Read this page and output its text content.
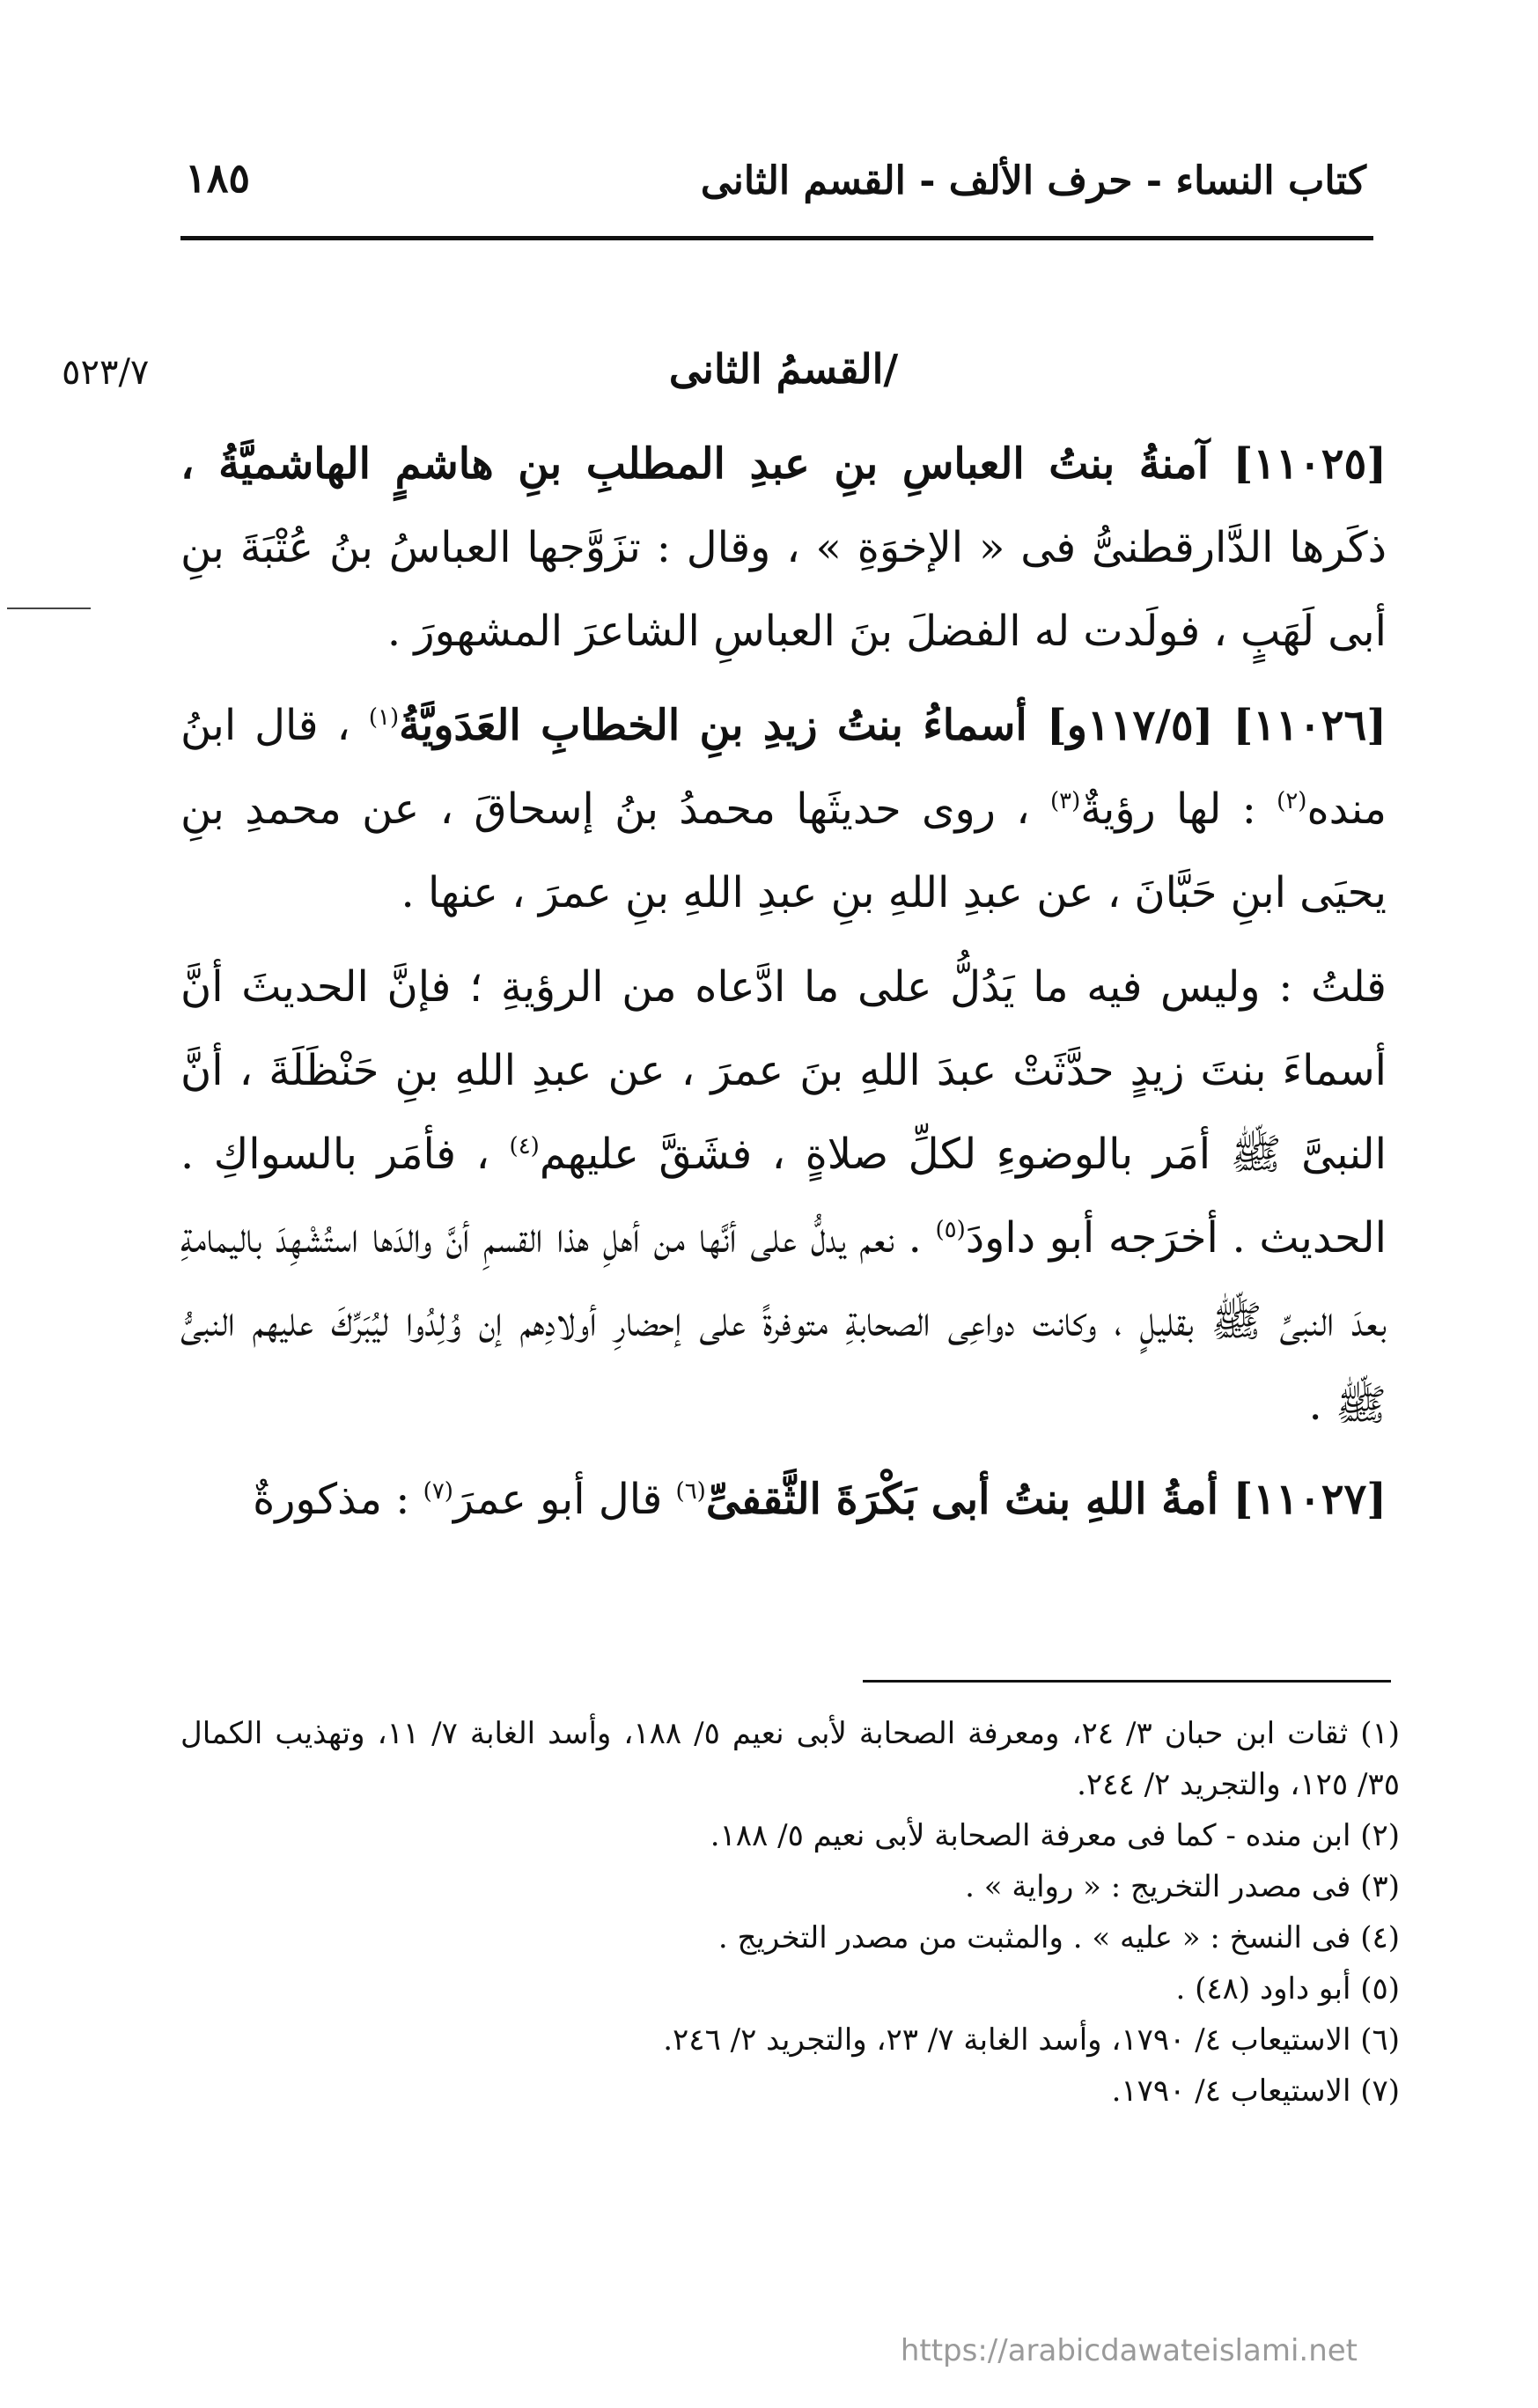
كتاب النساء - حرف الألف - القسم الثانى
١٨٥
٥٢٣/٧	/القسمُ الثانى

[١١٠٢٥] آمنةُ بنتُ العباسِ بنِ عبدِ المطلبِ بنِ هاشمٍ الهاشميَّةُ ، ذكَرها الدَّارقطنىُّ فى « الإخوَةِ » ، وقال : تزَوَّجها العباسُ بنُ عُتْبَةَ بنِ أبى لَهَبٍ ، فولَدت له الفضلَ بنَ العباسِ الشاعرَ المشهورَ .

[١١٠٢٦] [١١٧/٥و] أسماءُ بنتُ زيدِ بنِ الخطابِ العَدَويَّةُ$^{(١)}$ ، قال ابنُ منده$^{(٢)}$ : لها رؤيةٌ$^{(٣)}$ ، روى حديثَها محمدُ بنُ إسحاقَ ، عن محمدِ بنِ يحيَى ابنِ حَبَّانَ ، عن عبدِ اللهِ بنِ عبدِ اللهِ بنِ عمرَ ، عنها .

قلتُ : وليس فيه ما يَدُلُّ على ما ادَّعاه من الرؤيةِ ؛ فإنَّ الحديثَ أنَّ أسماءَ بنتَ زيدٍ حدَّثَتْ عبدَ اللهِ بنَ عمرَ ، عن عبدِ اللهِ بنِ حَنْظَلَةَ ، أنَّ النبىَّ ﷺ أمَر بالوضوءِ لكلِّ صلاةٍ ، فشَقَّ عليهم$^{(٤)}$ ، فأمَر بالسواكِ . الحديث . أخرَجه أبو داودَ$^{(٥)}$ . نعم يدلُّ على أنَّها من أهلِ هذا القسمِ أنَّ والدَها استُشْهِدَ باليمامةِ بعدَ النبىِّ ﷺ بقليلٍ ، وكانت دواعِى الصحابةِ متوفرةً على إحضارِ أولادِهم إن وُلِدُوا ليُبَرِّكَ عليهم النبىُّ ﷺ .

[١١٠٢٧] أمةُ اللهِ بنتُ أبى بَكْرَةَ الثَّقفىِّ$^{(٦)}$ قال أبو عمرَ$^{(٧)}$ : مذكورةٌ

(١) ثقات ابن حبان ٣/ ٢٤، ومعرفة الصحابة لأبى نعيم ٥/ ١٨٨، وأسد الغابة ٧/ ١١، وتهذيب الكمال ٣٥/ ١٢٥، والتجريد ٢/ ٢٤٤.

(٢) ابن منده - كما فى معرفة الصحابة لأبى نعيم ٥/ ١٨٨.

(٣) فى مصدر التخريج : « رواية » .

(٤) فى النسخ : « عليه » . والمثبت من مصدر التخريج .

(٥) أبو داود (٤٨) .

(٦) الاستيعاب ٤/ ١٧٩٠، وأسد الغابة ٧/ ٢٣، والتجريد ٢/ ٢٤٦.

(٧) الاستيعاب ٤/ ١٧٩٠.

https://arabicdawateislami.net
